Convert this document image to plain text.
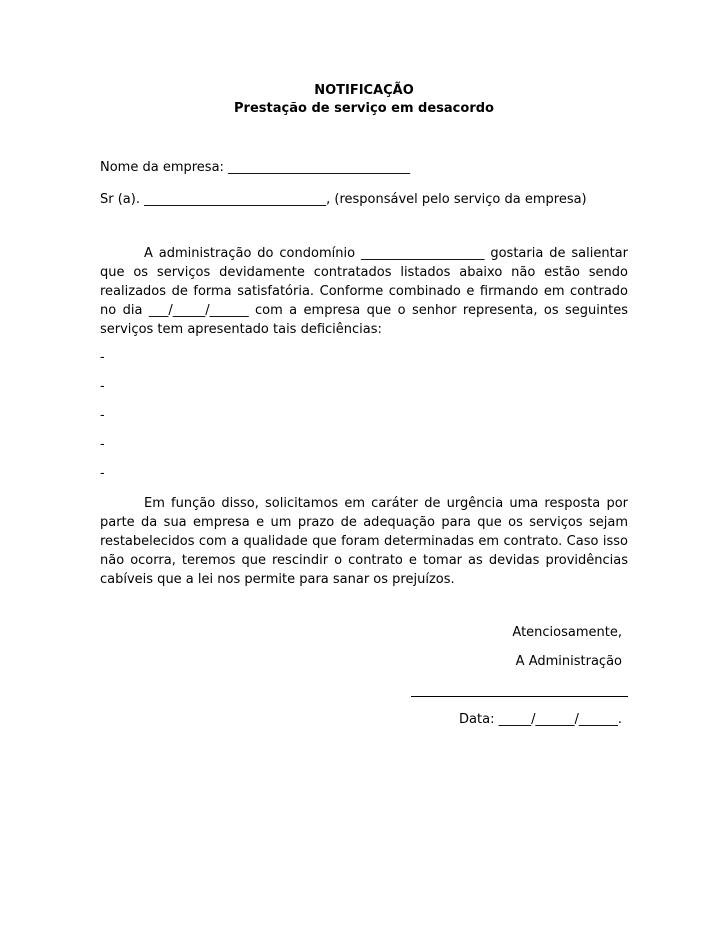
NOTIFICAÇÃO
Prestação de serviço em desacordo
Nome da empresa: ____________________________
Sr (a). ____________________________, (responsável pelo serviço da empresa)

A administração do condomínio ___________________ gostaria de salientar que os serviços devidamente contratados listados abaixo não estão sendo realizados de forma satisfatória. Conforme combinado e firmando em contrado no dia ___/_____/______ com a empresa que o senhor representa, os seguintes serviços tem apresentado tais deficiências:

-
-
-
-
-

Em função disso, solicitamos em caráter de urgência uma resposta por parte da sua empresa e um prazo de adequação para que os serviços sejam restabelecidos com a qualidade que foram determinadas em contrato. Caso isso não ocorra, teremos que rescindir o contrato e tomar as devidas providências cabíveis que a lei nos permite para sanar os prejuízos.

Atenciosamente,
A Administração
Data: _____/______/______.
